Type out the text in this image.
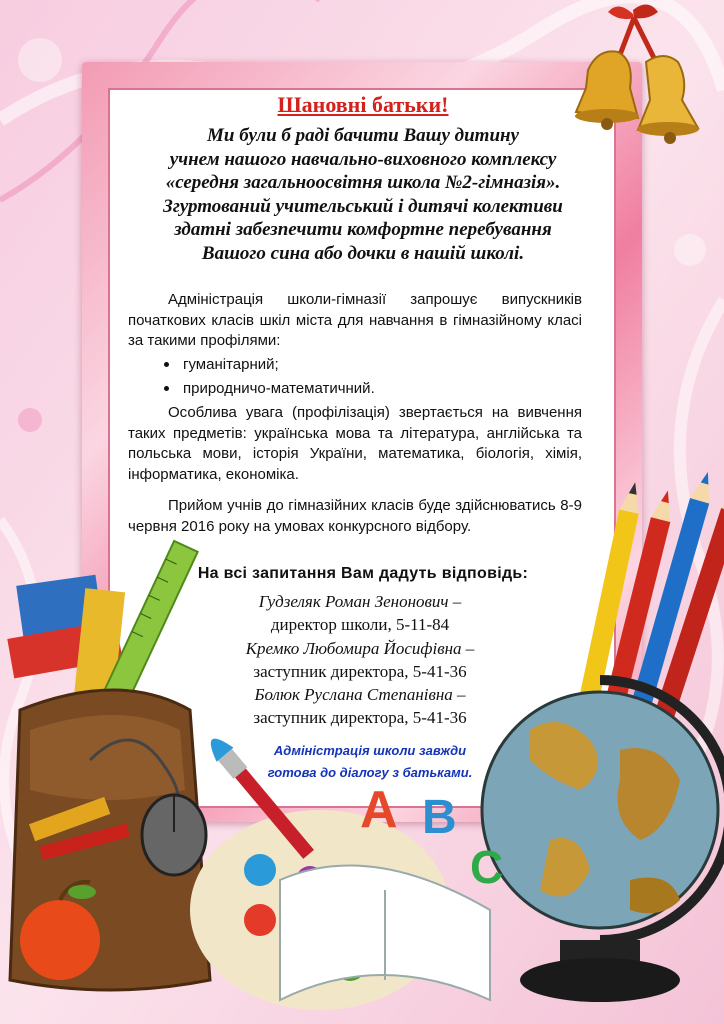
A B
C

Шановні батьки!

Ми були б раді бачити Вашу дитину
учнем нашого навчально-виховного комплексу
«середня загальноосвітня школа №2-гімназія».
Згуртований учительський і дитячі колективи
здатні забезпечити комфортне перебування
Вашого сина або дочки в нашій школі.

Адміністрація школи-гімназії запрошує випускників початкових класів шкіл міста для навчання в гімназійному класі за такими профілями:

гуманітарний;
природничо-математичний.

Особлива увага (профілізація) звертається на вивчення таких предметів: українська мова та література, англійська та польська мови, історія України, математика, біологія, хімія, інформатика, економіка.

Прийом учнів до гімназійних класів буде здійснюватись 8-9 червня 2016 року на умовах конкурсного відбору.

На всі запитання Вам дадуть відповідь:
Гудзеляк Роман Зенонович –
директор школи, 5-11-84
Кремко Любомира Йосифівна –
заступник директора, 5-41-36
Болюк Руслана Степанівна –
заступник директора, 5-41-36
Адміністрація школи завжди
готова до діалогу з батьками.
